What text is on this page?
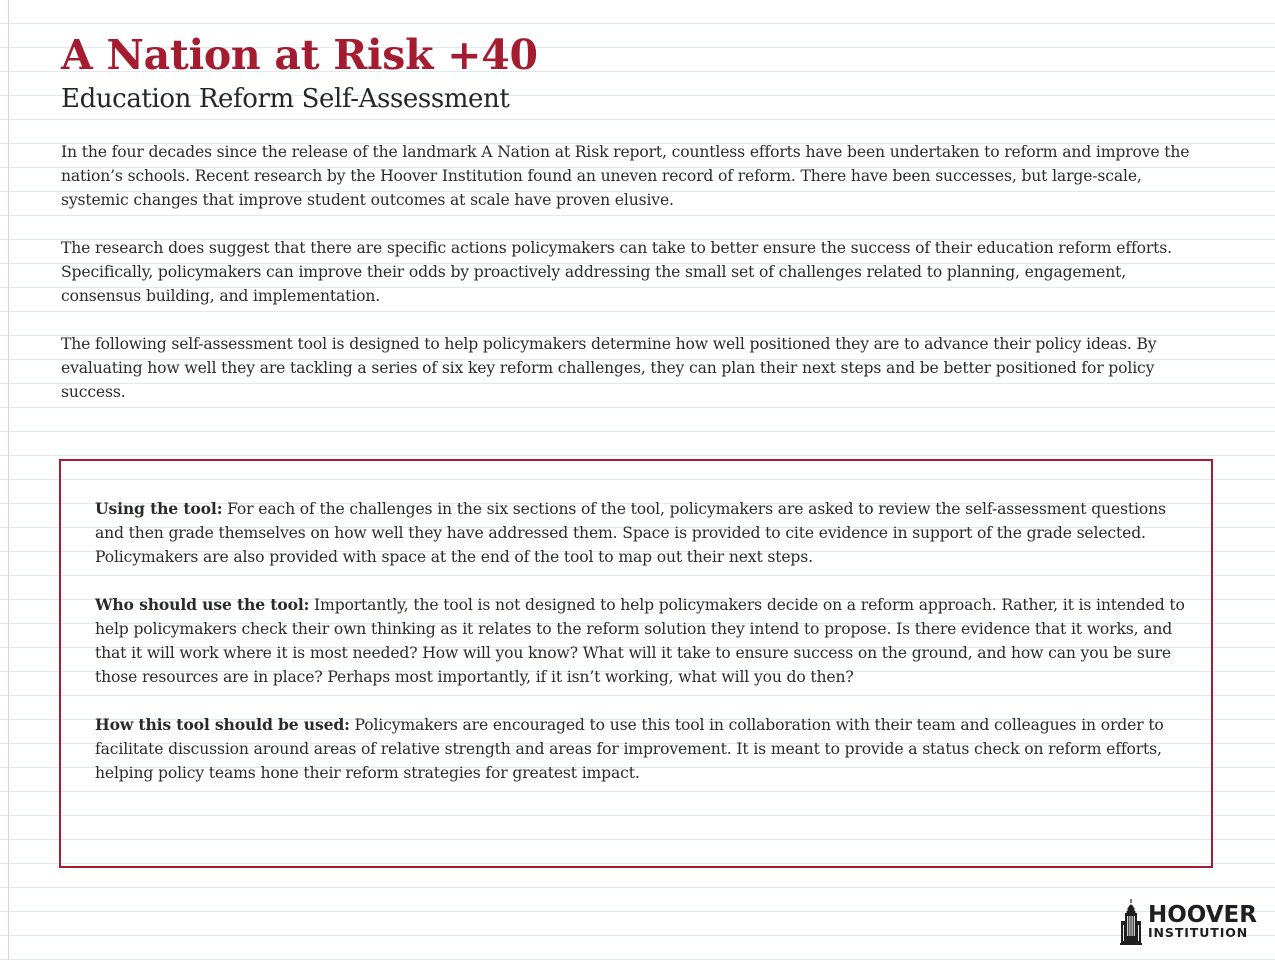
A Nation at Risk +40
Education Reform Self-Assessment

In the four decades since the release of the landmark A Nation at Risk report, countless efforts have been undertaken to reform and improve the nation’s schools. Recent research by the Hoover Institution found an uneven record of reform. There have been successes, but large-scale, systemic changes that improve student outcomes at scale have proven elusive.

The research does suggest that there are specific actions policymakers can take to better ensure the success of their education reform efforts. Specifically, policymakers can improve their odds by proactively addressing the small set of challenges related to planning, engagement, consensus building, and implementation.

The following self-assessment tool is designed to help policymakers determine how well positioned they are to advance their policy ideas. By evaluating how well they are tackling a series of six key reform challenges, they can plan their next steps and be better positioned for policy success.

Using the tool: For each of the challenges in the six sections of the tool, policymakers are asked to review the self-assessment questions and then grade themselves on how well they have addressed them. Space is provided to cite evidence in support of the grade selected. Policymakers are also provided with space at the end of the tool to map out their next steps.

Who should use the tool: Importantly, the tool is not designed to help policymakers decide on a reform approach. Rather, it is intended to help policymakers check their own thinking as it relates to the reform solution they intend to propose. Is there evidence that it works, and that it will work where it is most needed? How will you know? What will it take to ensure success on the ground, and how can you be sure those resources are in place? Perhaps most importantly, if it isn’t working, what will you do then?

How this tool should be used: Policymakers are encouraged to use this tool in collaboration with their team and colleagues in order to facilitate discussion around areas of relative strength and areas for improvement. It is meant to provide a status check on reform efforts, helping policy teams hone their reform strategies for greatest impact.

HOOVER
INSTITUTION
